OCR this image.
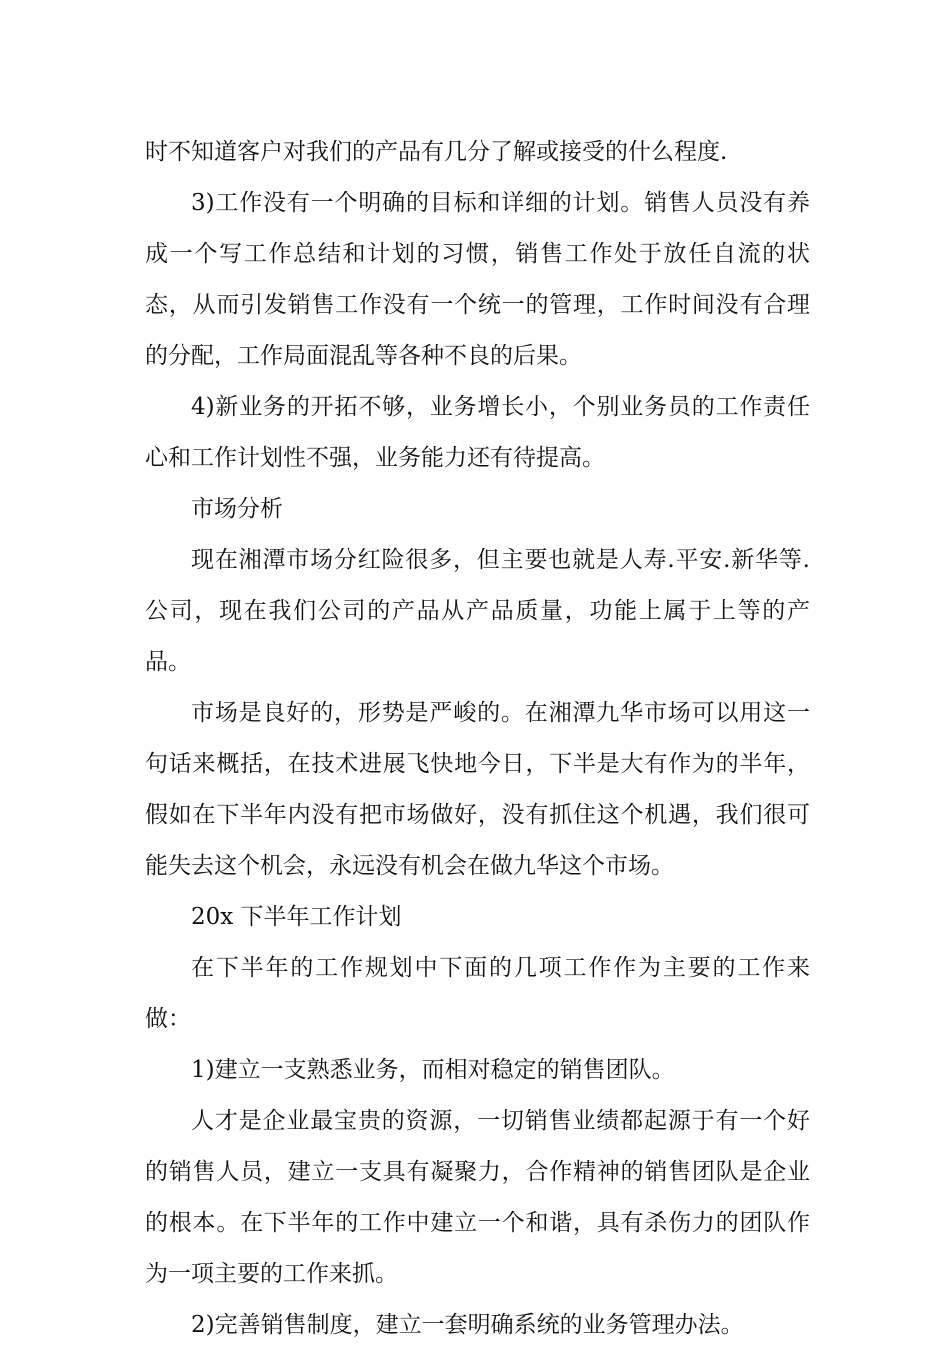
时不知道客户对我们的产品有几分了解或接受的什么程度.

3)工作没有一个明确的目标和详细的计划。销售人员没有养成一个写工作总结和计划的习惯，销售工作处于放任自流的状态，从而引发销售工作没有一个统一的管理，工作时间没有合理的分配，工作局面混乱等各种不良的后果。

4)新业务的开拓不够，业务增长小，个别业务员的工作责任心和工作计划性不强，业务能力还有待提高。

市场分析

现在湘潭市场分红险很多，但主要也就是人寿.平安.新华等.公司，现在我们公司的产品从产品质量，功能上属于上等的产品。

市场是良好的，形势是严峻的。在湘潭九华市场可以用这一句话来概括，在技术进展飞快地今日，下半是大有作为的半年，假如在下半年内没有把市场做好，没有抓住这个机遇，我们很可能失去这个机会，永远没有机会在做九华这个市场。

20x 下半年工作计划

在下半年的工作规划中下面的几项工作作为主要的工作来做：

1)建立一支熟悉业务，而相对稳定的销售团队。

人才是企业最宝贵的资源，一切销售业绩都起源于有一个好的销售人员，建立一支具有凝聚力，合作精神的销售团队是企业的根本。在下半年的工作中建立一个和谐，具有杀伤力的团队作为一项主要的工作来抓。

2)完善销售制度，建立一套明确系统的业务管理办法。
